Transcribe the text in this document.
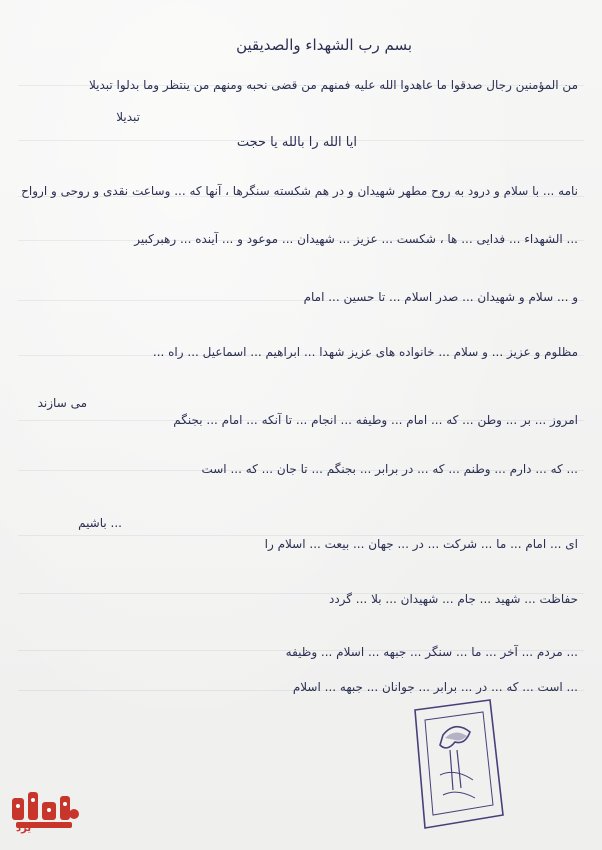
بسم رب الشهداء والصدیقین
من المؤمنین رجال صدقوا ما عاهدوا الله علیه فمنهم من قضی نحبه ومنهم من ینتظر وما بدلوا تبدیلا
تبدیلا
ایا الله را بالله یا حجت
نامه ... با سلام و درود به روح مطهر شهیدان و در هم شکسته سنگرها ، آنها که ... وساعت نقدی و روحی و ارواح
... الشهداء ... فدایی ... ها ، شکست ... عزیز ... شهیدان ... موعود و ... آینده ... رهبرکبیر
و ... سلام و شهیدان ... صدر اسلام ... تا حسین ... امام
مظلوم و عزیز ... و سلام ... خانواده های عزیز شهدا ... ابراهیم ... اسماعیل ... راه ...
می سازند
امروز ... بر ... وطن ... که ... امام ... وطیفه ... انجام ... تا آنکه ... امام ... بجنگم
... که ... دارم ... وطنم ... که ... در برابر ... بجنگم ... تا جان ... که ... است
... باشیم
ای ... امام ... ما ... شرکت ... در ... جهان ... بیعت ... اسلام را
حفاظت ... شهید ... جام ... شهیدان ... بلا ... گردد
... مردم ... آخر ... ما ... سنگر ... جبهه ... اسلام ... وظیفه
... است ... که ... در ... برابر ... جوانان ... جبهه ... اسلام
یزد
